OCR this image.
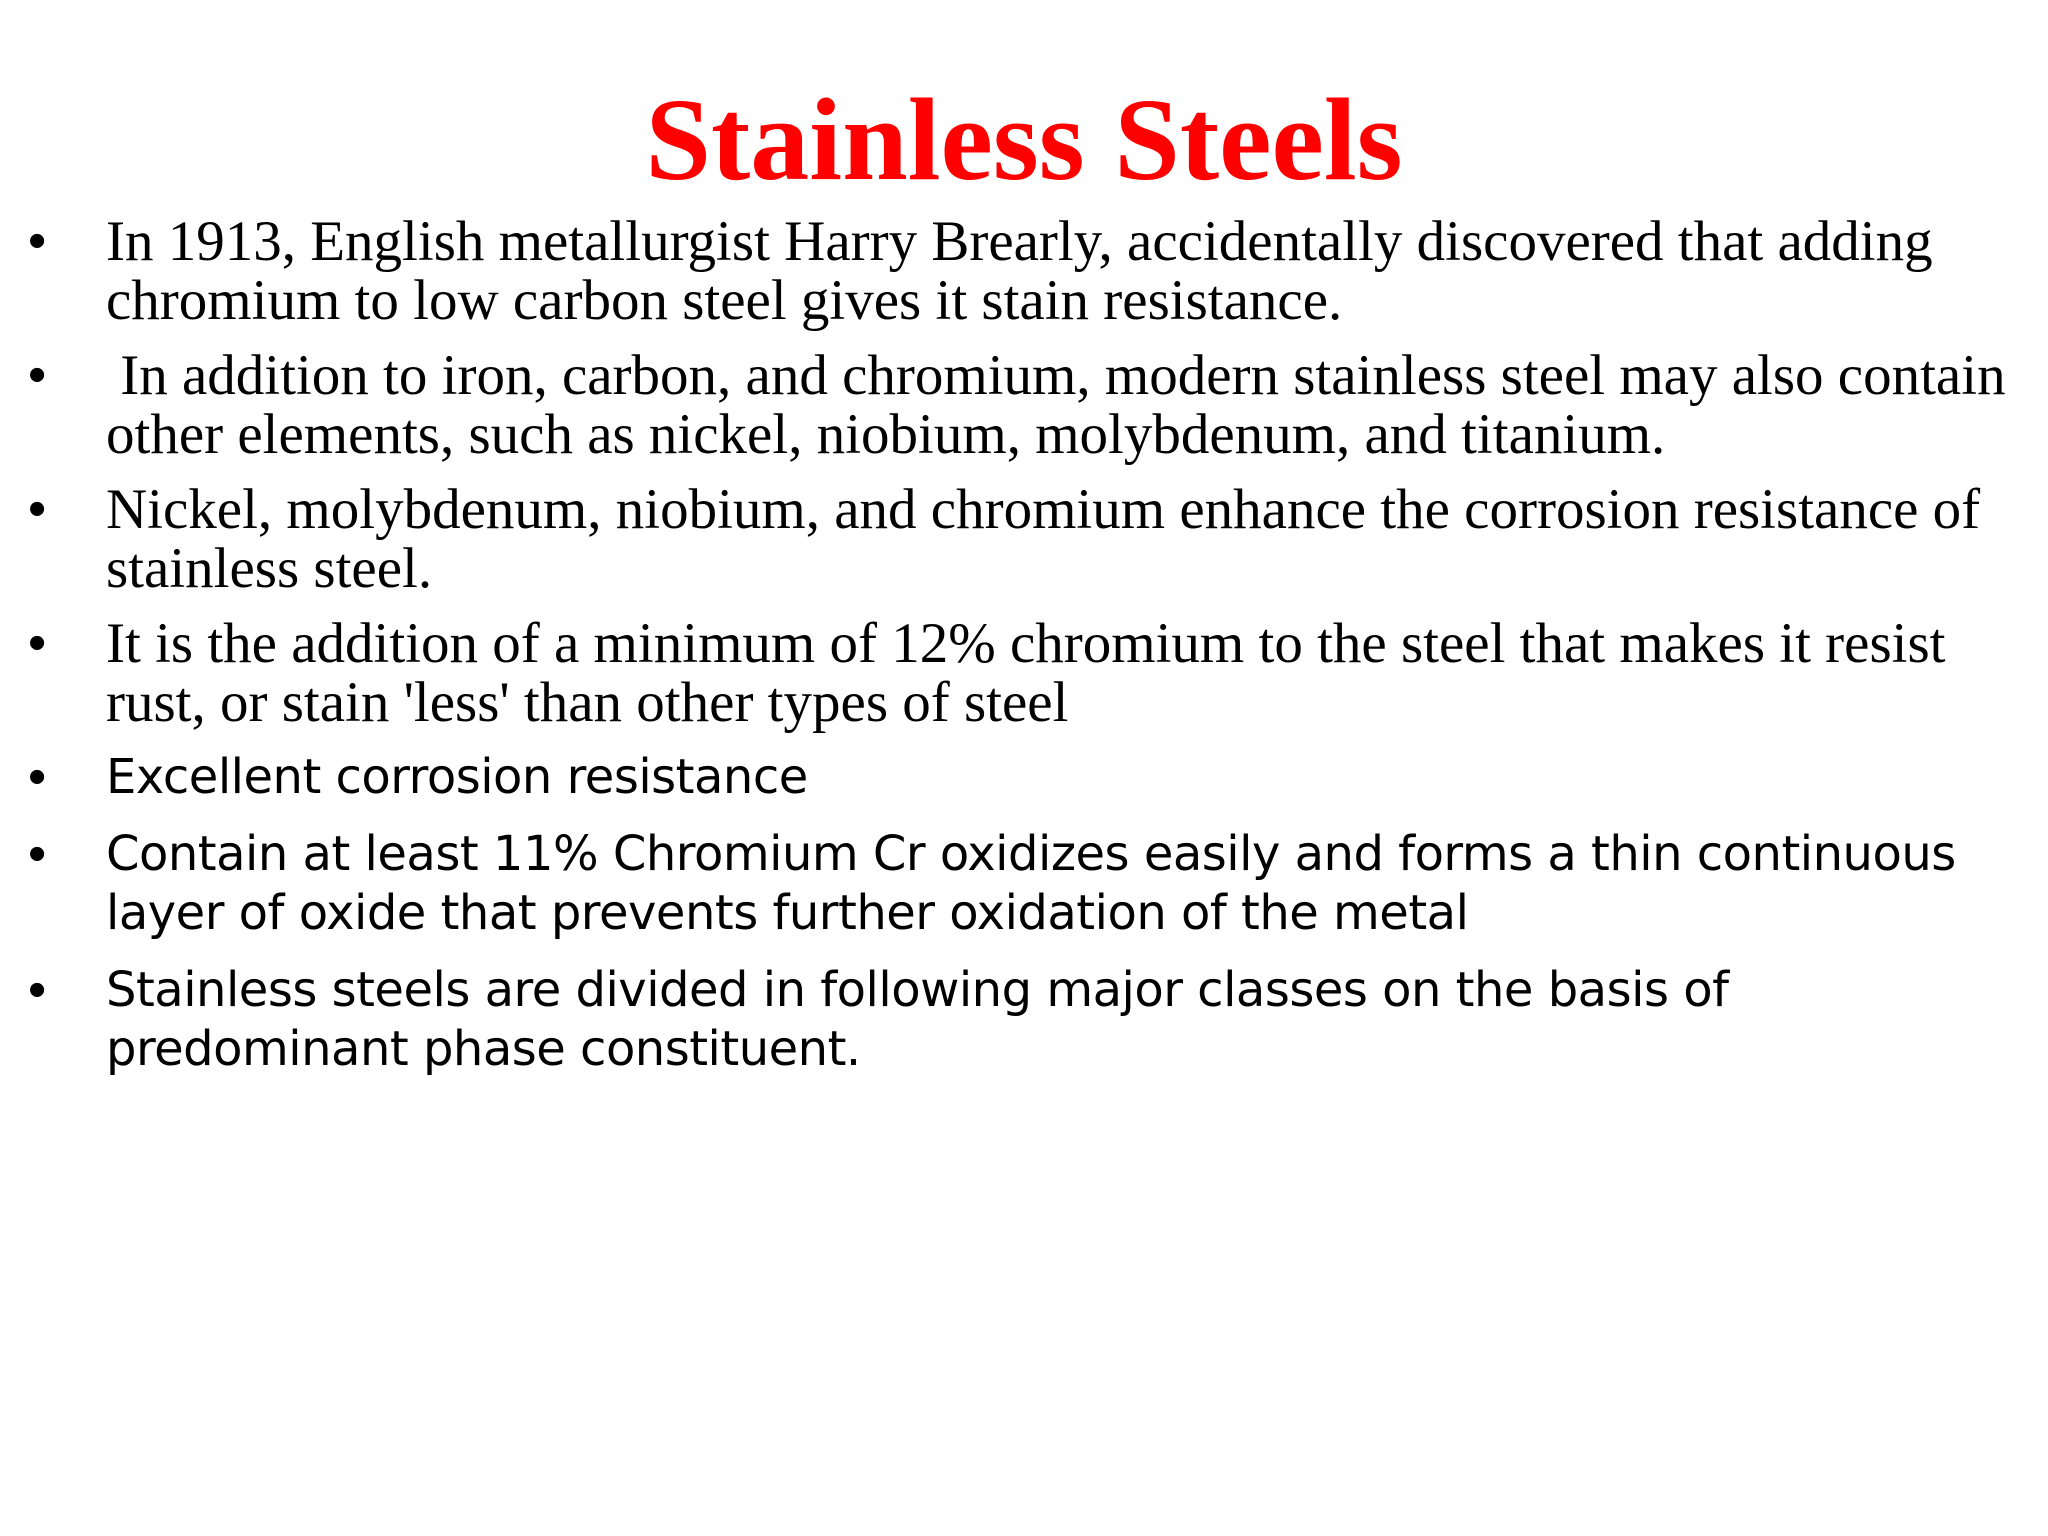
Stainless Steels
• In 1913, English metallurgist Harry Brearly, accidentally discovered that adding chromium to low carbon steel gives it stain resistance.
• In addition to iron, carbon, and chromium, modern stainless steel may also contain other elements, such as nickel, niobium, molybdenum, and titanium.
• Nickel, molybdenum, niobium, and chromium enhance the corrosion resistance of stainless steel.
• It is the addition of a minimum of 12% chromium to the steel that makes it resist rust, or stain 'less' than other types of steel
• Excellent corrosion resistance
• Contain at least 11% Chromium Cr oxidizes easily and forms a thin continuous layer of oxide that prevents further oxidation of the metal
• Stainless steels are divided in following major classes on the basis of predominant phase constituent.
